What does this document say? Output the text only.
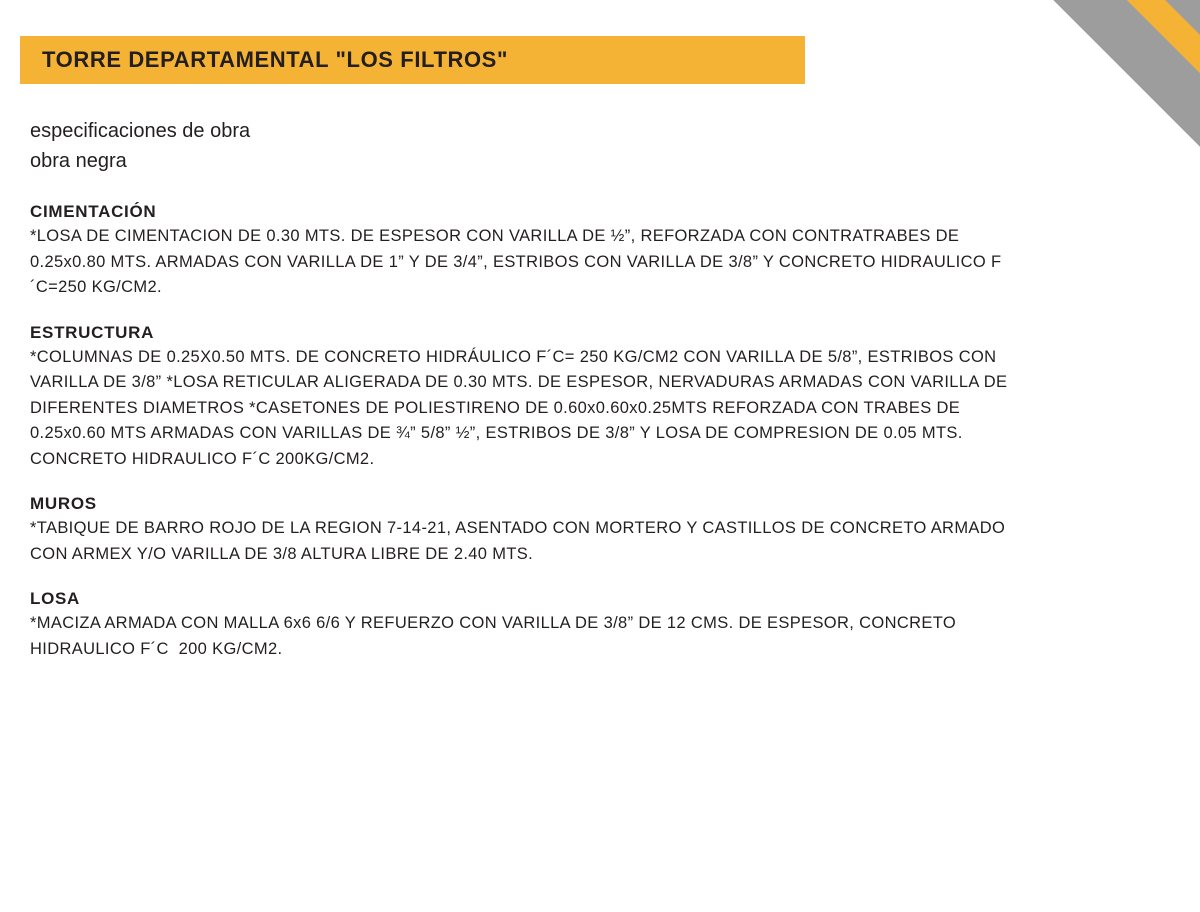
TORRE DEPARTAMENTAL "LOS FILTROS"

especificaciones de obra

obra negra

CIMENTACIÓN

*LOSA DE CIMENTACION DE 0.30 MTS. DE ESPESOR CON VARILLA DE ½”, REFORZADA CON CONTRATRABES DE 0.25x0.80 MTS. ARMADAS CON VARILLA DE 1” Y DE 3/4”, ESTRIBOS CON VARILLA DE 3/8” Y CONCRETO HIDRAULICO F´C=250 KG/CM2.

ESTRUCTURA

*COLUMNAS DE 0.25X0.50 MTS. DE CONCRETO HIDRÁULICO F´C= 250 KG/CM2 CON VARILLA DE 5/8”, ESTRIBOS CON VARILLA DE 3/8” *LOSA RETICULAR ALIGERADA DE 0.30 MTS. DE ESPESOR, NERVADURAS ARMADAS CON VARILLA DE DIFERENTES DIAMETROS *CASETONES DE POLIESTIRENO DE 0.60x0.60x0.25MTS REFORZADA CON TRABES DE 0.25x0.60 MTS ARMADAS CON VARILLAS DE ¾” 5/8” ½”, ESTRIBOS DE 3/8” Y LOSA DE COMPRESION DE 0.05 MTS. CONCRETO HIDRAULICO F´C 200KG/CM2.

MUROS

*TABIQUE DE BARRO ROJO DE LA REGION 7-14-21, ASENTADO CON MORTERO Y CASTILLOS DE CONCRETO ARMADO CON ARMEX Y/O VARILLA DE 3/8 ALTURA LIBRE DE 2.40 MTS.

LOSA

*MACIZA ARMADA CON MALLA 6x6 6/6 Y REFUERZO CON VARILLA DE 3/8” DE 12 CMS. DE ESPESOR, CONCRETO HIDRAULICO F´C  200 KG/CM2.
